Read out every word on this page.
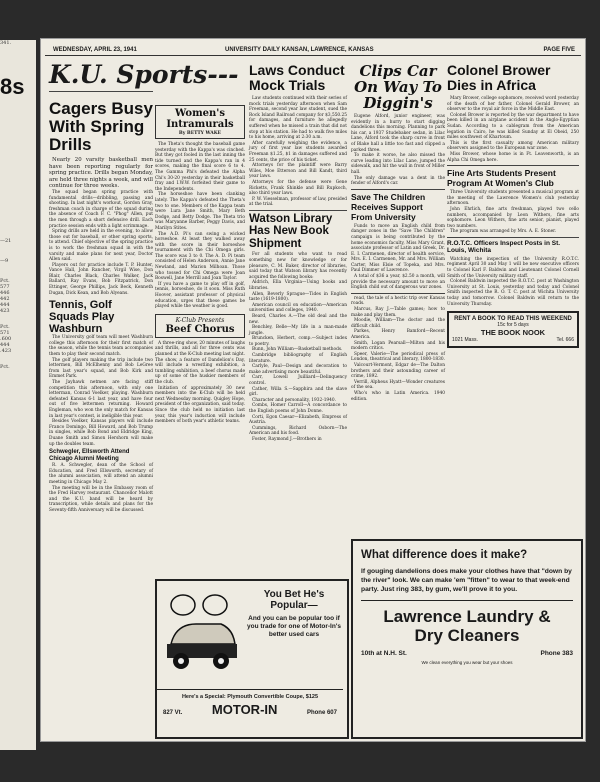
341.
8s
—21
—9
Pct.
577
446
442
444
423
Pct.
571
.600
444
.423
Pct.
WEDNESDAY, APRIL 23, 1941	UNIVERSITY DAILY KANSAN, LAWRENCE, KANSAS	PAGE FIVE
K.U. Sports---
Cagers Busy With Spring Drills

Nearly 20 varsity basketball men have been reporting regularly for spring practice. Drills began Monday, are held three nights a week, and will continue for three weeks.

The squad began spring practice with fundamental drills—dribbling, passing and shooting. In last night's workout, Gordon Gray, freshman coach in charge of the squad during the absence of Coach F. C. "Phog" Allen, put the men through a short defensive drill. Each practice session ends with a light scrimmage.

Spring drills are held in the evening, to allow those out for baseball, or other spring sports, to attend. Chief objective of the spring practice is to work the freshman squad in with the varsity and make plans for next year, Doctor Allen said.

Players out for practice include T. P. Hunter, Vance Hall, John Rancher, Virgil Wise, Don Blair, Charles Black, Charles Walker, Jack Ballard, Ray Evans, Bob Fitzpatrick, Don Ettinger, George Phillips, Jack Beck, Kenneth Dugan, Dick Kean, and Bob Alyeans.

Tennis, Golf Squads Play Washburn

The University golf team will meet Washburn college this afternoon for their first match of the season, while the tennis team accompanies them to play their second match.

The golf players making the trip include two lettermen, Bill McElhenny and Bob LeGree from last year's squad, and Bob Kirk and Emmet Park.

The Jayhawk netmen are facing stiff competition this afternoon, with only one letterman, Conrad Voelker, playing. Washburn defeated Kansas 6-1 last year, and have four out of five lettermen returning. Howard Engleman, who won the only match for Kansas in last year's contest, is ineligible this year.

Besides Voelker, Kansas players will include Franco Domingo, Bill Howard, and Bob Trump in singles, while Bob Bond and Eldridge King, Duane Smith and Simon Hershorn will make up the doubles team.

Schwegler, Ellsworth Attend Chicago Alumni Meeting

R. A. Schwegler, dean of the School of Education, and Fred Ellsworth, secretary of the alumni association, will attend an alumni meeting in Chicago May 2.

The meeting will be in the Embassy room of the Fred Harvey restaurant. Chancellor Malott and the K.U. band will be heard by transcription, while details and plans for the Seventy-fifth Anniversary will be discussed.

Women's Intramurals
By BETTY WAKE

The Theta's thought the baseball game yesterday with the Kappa's was cinched. But they got fooled in the last inning the tide turned and the Kappa's ran in 4 scores, making the final score 6 to 4. The Gamma Phi's defeated the Alpha Chi's 30-20 yesterday in their basketball fray and I.W.W. forfeited their game to the Independents.

The horseshoe have been clanking lately. The Kappa's defeated the Theta's two to one. Members of the Kappa team were Lura Jane Smith, Mary Beth Dodge, and Betty Dodge. The Theta trio was Maryanne Barber, Peggy Davis, and Marilyn Stites.

The A.D. Pi's can swing a wicked horseshoe. At least they walked away with the score in their horseshoe tournament with the Chi Omega girls. The score was 3 to 0. The A. D. Pi team consisted of Helen Anderson, Annie Jane Newland, and Marion Milhoan. Those who tossed for Chi Omega were Joan Boswell, Jane Merrill and Joan Taylor.

If you have a game to play off in golf, tennis, horseshoe, do it soon. Miss Ruth Hoover, assistant professor of physical education, urges that these games be played while the weather is good.

K-Club Presents
Beef Chorus

A three-ring show, 20 minutes of laughs and thrills, and all for three cents was planned at the K-Club meeting last night. The show, a feature of Dandelion's Day, will include a wrestling exhibition, a tumbling exhibition, a beef chorus made up of some of the huskier members of the club.

Initiation of approximately 30 new members into the K-Club will be held next Wednesday morning. Quigley Hope, president of the organization, said today. Since the club held no initiation last year, this year's induction will include members of both year's athletic teams.

Laws Conduct Mock Trials

Law students continued with their series of mock trials yesterday afternoon when Sam Freeman, second year law student, sued the Rock Island Railroad company for $3,550.25 for damages, and furniture he allegedly suffered when he missed a train that did not stop at his station. He had to walk five miles to his home, arriving at 2:30 a.m.

After carefully weighing the evidence, a jury of first year law students awarded Freeman $1.25, $1 in damages suffered and 25 cents, the price of his ticket.

Attorneys for the plaintiff were Barry Wiles, Moe Etterson and Bill Kandt, third year laws.

Attorneys for the defense were Gene Ricketts, Frank Shinkle and Bill Rupkoch, also third year laws.

P. W. Viesselman, professor of law, presided at the trial.

Watson Library Has New Book Shipment

For all students who want to read something new for knowledge or for pleasure, C. M. Baker, director of libraries, said today that Watson library has recently acquired the following books:

Aldrich, Ella Virginia—Using books and libraries.

Allen, Beverly Sprague—Tides in English taste (1619-1800).

American council on education—American universities and colleges, 1940.

Beard, Charles A.—The old deal and the new.

Benchley, Belle—My life in a man-made jungle.

Bruncken, Herbert, comp.—Subject index to poetry.

Bunn, John William—Basketball methods.

Cambridge bibliography of English literature.

Carlyle, Paul—Design and decoration to make advertising more beautiful.

Carr, Lowell Juilliard—Delinquency control.

Cather, Willa S.—Sapphira and the slave girl.

Character and personality, 1932-1940.

Combs, Homer Carroll—A concordance to the English poems of John Donne.

Corti, Egon Caesar—Elizabeth, Empress of Austria.

Cummings, Richard Osborn—The American and his food.

Foster, Raymond J.—Brothers in

Clips Car On Way To Diggin's

Eugene Alford, junior engineer, was evidently in a hurry to start digging dandelions this morning. Planning to park his car, a 1937 Studebaker sedan, in Lilac Lane, Alford took the sharp curve in front of Blake hall a little too fast and clipped a parked three.

To make it worse, he also missed the curve leading into Lilac Lane, jumped the sidewalk, and hit the wall in front of Miller hall.

The only damage was a dent in the fender of Alford's car.

Save The Children Receives Support From University

Funds to move an English child from danger zones in the "Save The Children" campaign is being contributed by the home economics faculty, Miss Mary Grant, associate professor of Latin and Greek, Dr. E. I. Carmenen, director of health service, Mrs. E. I. Carmenen, Mr. and Mrs. William Carter, Miss Elsie of Topeka, and Mrs. Paul Dimmer of Lawrence.

A total of $36 a year, $2.50 a month, will provide the necessary amount to move an English child out of dangerous war zones.

read, the tale of a hectic trip over Kansas roads.

Marcus, Ray J.—Table games; how to make and play them.

Moodie, William—The doctor and the difficult child.

Parkes, Henry Bamford—Recent America.

Smith, Logan Pearsall—Milton and his modern critics.

Speer, Valerie—The periodical press of London, theatrical and literary, 1800-1830.

Valcourt-Vermont, Edgar de—The Dalton brothers and their astounding career of crime, 1892.

Verrill, Alpheus Hyatt—Wonder creatures of the sea.

Who's who in Latin America. 1940 edition.

Colonel Brower Dies in Africa

Mary Brower, college sophomore, received word yesterday of the death of her father, Colonel Gerald Brower, an observer to the royal air force in the Middle East.

Colonel Brower is reported by the war department to have been killed in an airplane accident in the Anglo-Egyptian Sudan. According to a cablegram from the American legation in Cairo, he was killed Sunday at El Obeid, 250 miles southwest of Khartoum.

This is the first casualty among American military observers assigned to the European war zone.

Miss Brower, whose home is in Ft. Leavenworth, is an Alpha Chi Omega here.

Fine Arts Students Present Program At Women's Club

Three University students presented a musical program at the meeting of the Lawrence Women's club yesterday afternoon.

John Ehrlich, fine arts freshman, played two cello numbers, accompanied by Leon Withers, fine arts sophomore. Leon Withers, fine arts senior, pianist, played two numbers.

The program was arranged by Mrs. A. E. Stoner.

R.O.T.C. Officers Inspect Posts in St. Louis, Wichita

Watching the inspection of the University R.O.T.C. regiment April 30 and May 1 will be new executive officers to Colonel Karl F. Baldwin and Lieutenant Colonel Cornell Smith of the University military staff.

Colonel Baldwin inspected the R.O.T.C. post at Washington University at St. Louis, yesterday and today and Colonel Smith inspected the R. O. T. C. post at Wichita University today and tomorrow. Colonel Baldwin will return to the University Thursday.

RENT A BOOK TO READ THIS WEEKEND
15c for 5 days
THE BOOK NOOK
1021 Mass.	Tel. 666
You Bet He's Popular—
And you can be popular too if you trade for one of Motor-In's better used cars
Here's a Special: Plymouth Convertible Coupe, $125
827 Vt. MOTOR-IN	Phone 607
What difference does it make?
If gouging dandelions does make your clothes have that "down by the river" look. We can make 'em "fitten" to wear to that week-end party. Just ring 383, by gum, we'll prove it to you.
Lawrence Laundry &
Dry Cleaners
10th at N.H. St.	Phone 383
We clean everything you wear but your shoes
